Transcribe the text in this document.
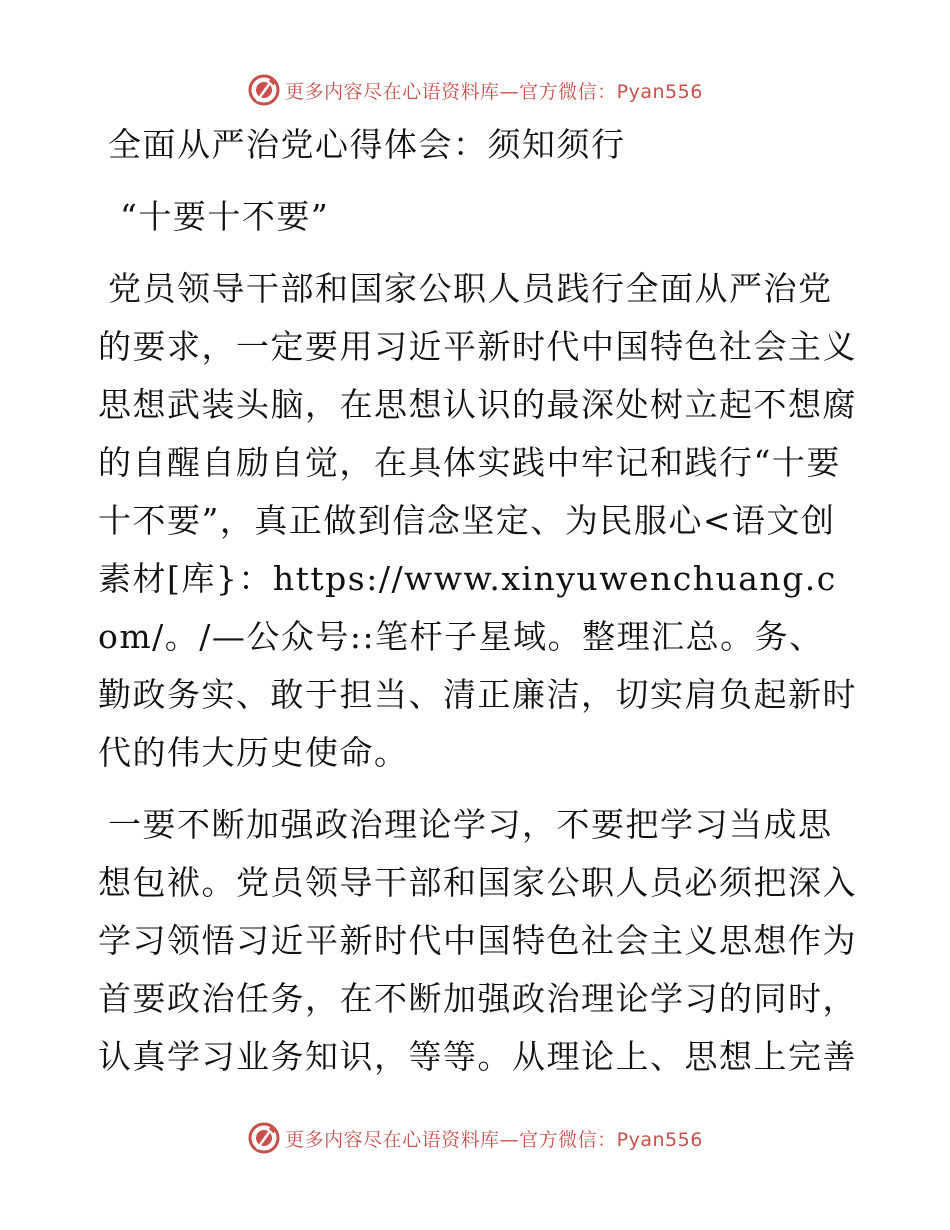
更多内容尽在心语资料库—官方微信：Pyan556

全面从严治党心得体会：须知须行

“十要十不要”

党员领导干部和国家公职人员践行全面从严治党的要求，一定要用习近平新时代中国特色社会主义思想武装头脑，在思想认识的最深处树立起不想腐的自醒自励自觉，在具体实践中牢记和践行“十要十不要”，真正做到信念坚定、为民服心<语文创素材[库}：https://www.xinyuwenchuang.com/。/—公众号::笔杆子星域。整理汇总。务、勤政务实、敢于担当、清正廉洁，切实肩负起新时代的伟大历史使命。

一要不断加强政治理论学习，不要把学习当成思想包袱。党员领导干部和国家公职人员必须把深入学习领悟习近平新时代中国特色社会主义思想作为首要政治任务，在不断加强政治理论学习的同时，认真学习业务知识，等等。从理论上、思想上完善

更多内容尽在心语资料库—官方微信：Pyan556
